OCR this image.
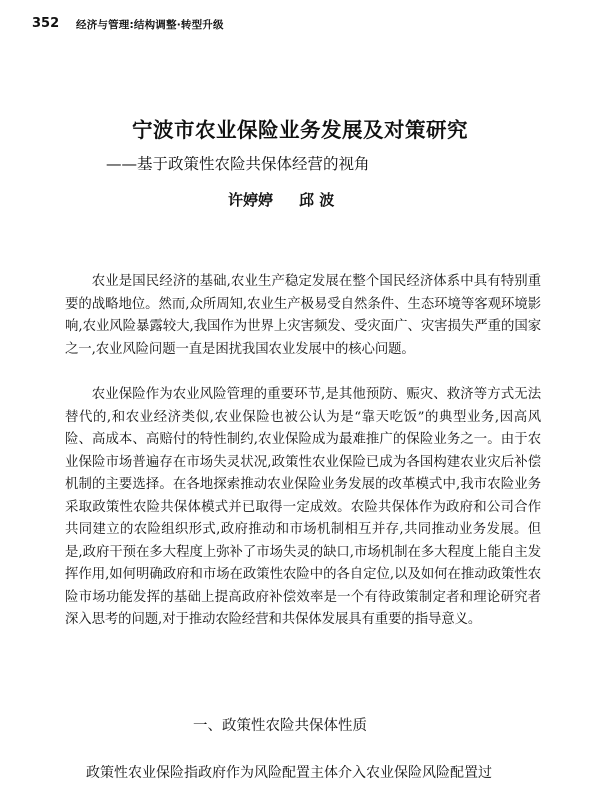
352 经济与管理:结构调整·转型升级
宁波市农业保险业务发展及对策研究
——基于政策性农险共保体经营的视角
许婷婷 邱 波

农业是国民经济的基础,农业生产稳定发展在整个国民经济体系中具有特别重要的战略地位。然而,众所周知,农业生产极易受自然条件、生态环境等客观环境影响,农业风险暴露较大,我国作为世界上灾害频发、受灾面广、灾害损失严重的国家之一,农业风险问题一直是困扰我国农业发展中的核心问题。

农业保险作为农业风险管理的重要环节,是其他预防、赈灾、救济等方式无法替代的,和农业经济类似,农业保险也被公认为是“靠天吃饭”的典型业务,因高风险、高成本、高赔付的特性制约,农业保险成为最难推广的保险业务之一。由于农业保险市场普遍存在市场失灵状况,政策性农业保险已成为各国构建农业灾后补偿机制的主要选择。在各地探索推动农业保险业务发展的改革模式中,我市农险业务采取政策性农险共保体模式并已取得一定成效。农险共保体作为政府和公司合作共同建立的农险组织形式,政府推动和市场机制相互并存,共同推动业务发展。但是,政府干预在多大程度上弥补了市场失灵的缺口,市场机制在多大程度上能自主发挥作用,如何明确政府和市场在政策性农险中的各自定位,以及如何在推动政策性农险市场功能发挥的基础上提高政府补偿效率是一个有待政策制定者和理论研究者深入思考的问题,对于推动农险经营和共保体发展具有重要的指导意义。

一、政策性农险共保体性质
政策性农业保险指政府作为风险配置主体介入农业保险风险配置过
